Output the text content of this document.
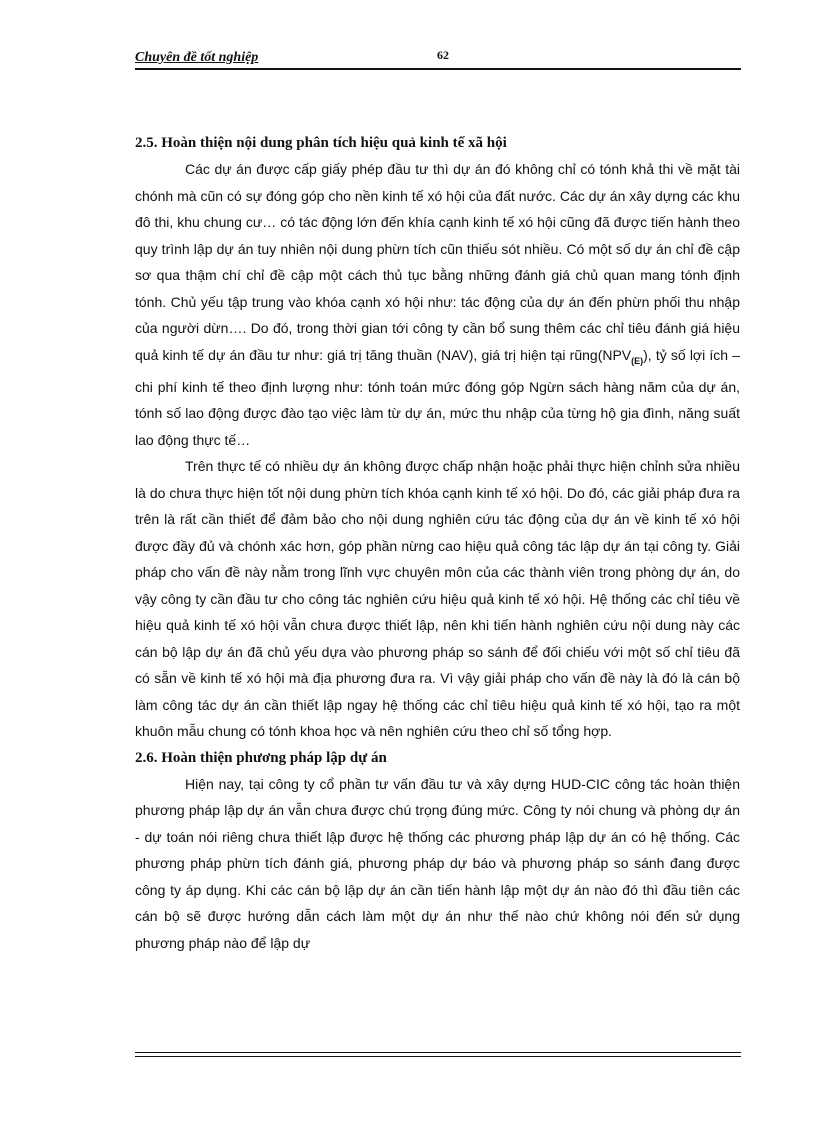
Chuyên đề tốt nghiệp	62
2.5. Hoàn thiện nội dung phân tích hiệu quả kinh tế xã hội

Các dự án được cấp giấy phép đầu tư thì dự án đó không chỉ có tónh khả thi về mặt tài chónh mà cũn có sự đóng góp cho nền kinh tế xó hội của đất nước. Các dự án xây dựng các khu đô thi, khu chung cư… có tác động lớn đến khía cạnh kinh tế xó hội cũng đã được tiến hành theo quy trình lập dự án tuy nhiên nội dung phừn tích cũn thiếu sót nhiều. Có một số dự án chỉ đề cập sơ qua thậm chí chỉ đề cập một cách thủ tục bằng những đánh giá chủ quan mang tónh định tónh. Chủ yếu tập trung vào khóa cạnh xó hội như: tác động của dự án đến phừn phối thu nhập của người dừn…. Do đó, trong thời gian tới công ty cần bổ sung thêm các chỉ tiêu đánh giá hiệu quả kinh tế dự án đầu tư như: giá trị tăng thuần (NAV), giá trị hiện tại $rũng(NPV_{(E)})$, tỷ số lợi ích – chi phí kinh tế theo định lượng như: tónh toán mức đóng góp Ngừn sách hàng năm của dự án, tónh số lao động được đào tạo việc làm từ dự án, mức thu nhập của từng hộ gia đình, năng suất lao động thực tế…

Trên thực tế có nhiều dự án không được chấp nhận hoặc phải thực hiện chỉnh sửa nhiều là do chưa thực hiện tốt nội dung phừn tích khóa cạnh kinh tế xó hội. Do đó, các giải pháp đưa ra trên là rất cần thiết để đảm bảo cho nội dung nghiên cứu tác động của dự án về kinh tế xó hội được đầy đủ và chónh xác hơn, góp phần nừng cao hiệu quả công tác lập dự án tại công ty. Giải pháp cho vấn đề này nằm trong lĩnh vực chuyên môn của các thành viên trong phòng dự án, do vậy công ty cần đầu tư cho công tác nghiên cứu hiệu quả kinh tế xó hội. Hệ thống các chỉ tiêu về hiệu quả kinh tế xó hội vẫn chưa được thiết lập, nên khi tiến hành nghiên cứu nội dung này các cán bộ lập dự án đã chủ yếu dựa vào phương pháp so sánh để đối chiếu với một số chỉ tiêu đã có sẵn về kinh tế xó hội mà địa phương đưa ra. Vì vậy giải pháp cho vấn đề này là đó là cán bộ làm công tác dự án cần thiết lập ngay hệ thống các chỉ tiêu hiệu quả kinh tế xó hội, tạo ra một khuôn mẫu chung có tónh khoa học và nên nghiên cứu theo chỉ số tổng hợp.

2.6. Hoàn thiện phương pháp lập dự án

Hiện nay, tại công ty cổ phần tư vấn đầu tư và xây dựng HUD-CIC công tác hoàn thiện phương pháp lập dự án vẫn chưa được chú trọng đúng mức. Công ty nói chung và phòng dự án - dự toán nói riêng chưa thiết lập được hệ thống các phương pháp lập dự án có hệ thống. Các phương pháp phừn tích đánh giá, phương pháp dự báo và phương pháp so sánh đang được công ty áp dụng. Khi các cán bộ lập dự án cần tiến hành lập một dự án nào đó thì đầu tiên các cán bộ sẽ được hướng dẫn cách làm một dự án như thế nào chứ không nói đến sử dụng phương pháp nào để lập dự
